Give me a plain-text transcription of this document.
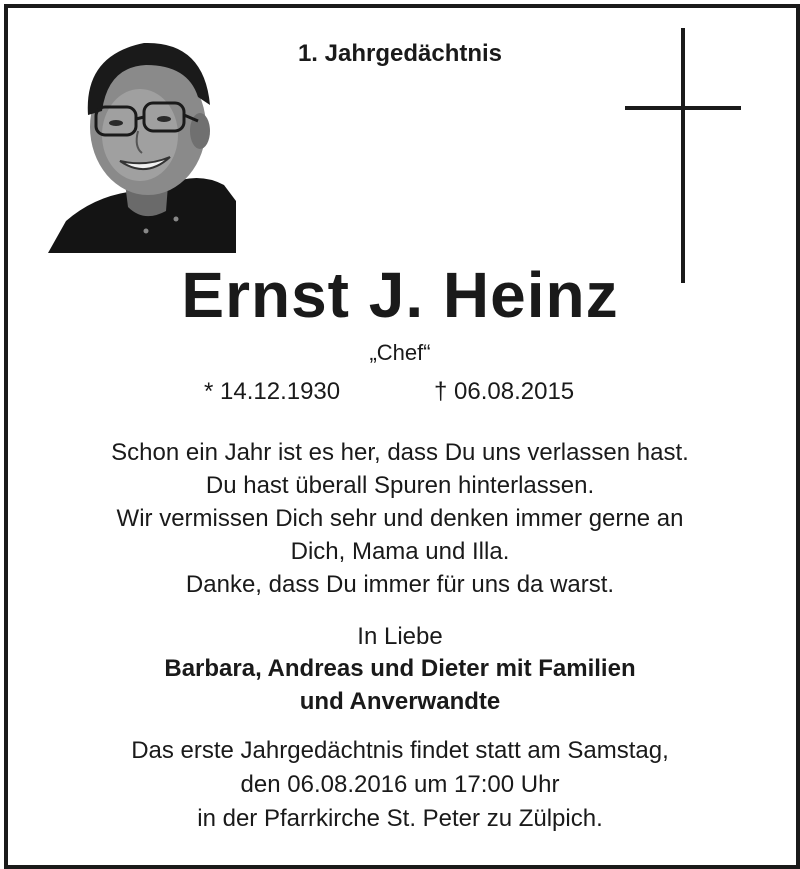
1. Jahrgedächtnis
Ernst J. Heinz
„Chef“
* 14.12.1930	† 06.08.2015
Schon ein Jahr ist es her, dass Du uns verlassen hast.
Du hast überall Spuren hinterlassen.
Wir vermissen Dich sehr und denken immer gerne an
Dich, Mama und Illa.
Danke, dass Du immer für uns da warst.
In Liebe
Barbara, Andreas und Dieter mit Familien
und Anverwandte
Das erste Jahrgedächtnis findet statt am Samstag,
den 06.08.2016 um 17:00 Uhr
in der Pfarrkirche St. Peter zu Zülpich.
